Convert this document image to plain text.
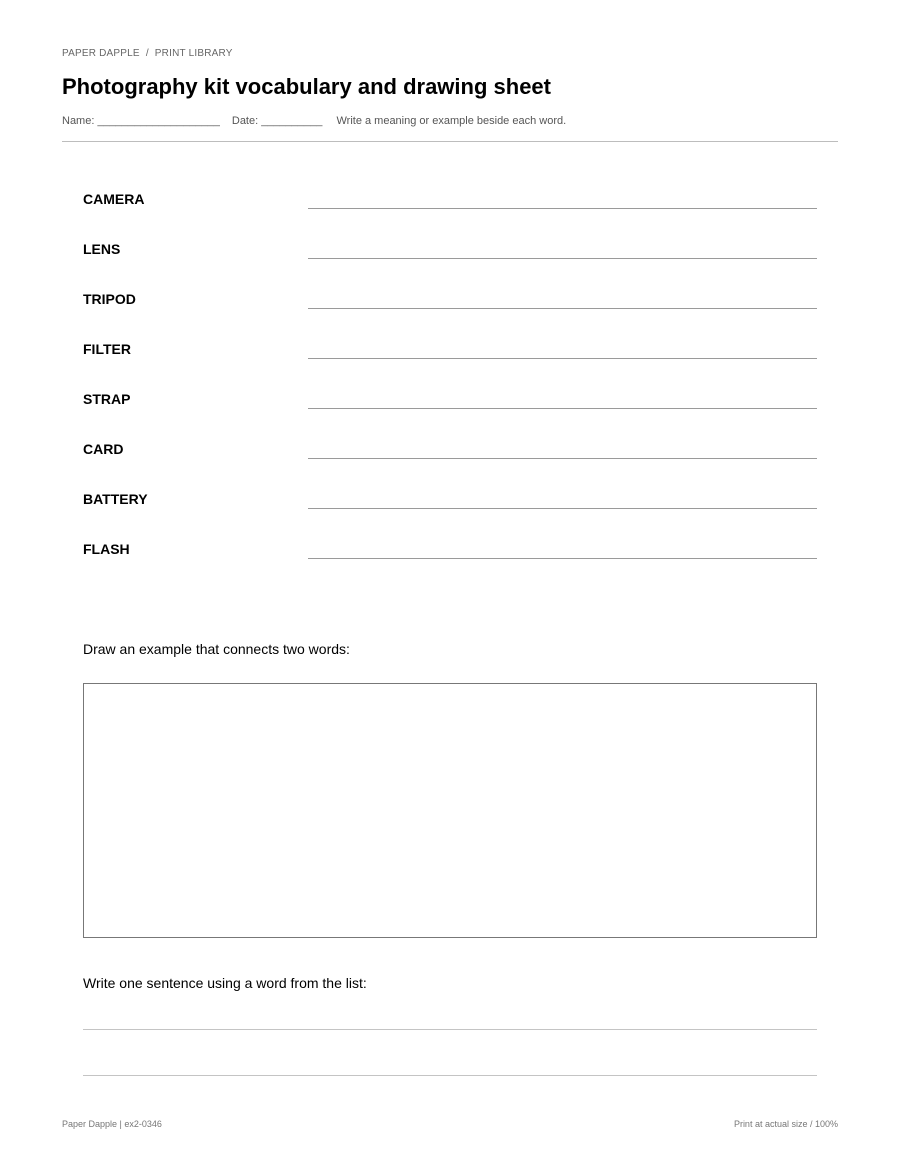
PAPER DAPPLE / PRINT LIBRARY
Photography kit vocabulary and drawing sheet
Name: ____________________ Date: __________ Write a meaning or example beside each word.
CAMERA
LENS
TRIPOD
FILTER
STRAP
CARD
BATTERY
FLASH
Draw an example that connects two words:
Write one sentence using a word from the list:
Paper Dapple | ex2-0346	Print at actual size / 100%
